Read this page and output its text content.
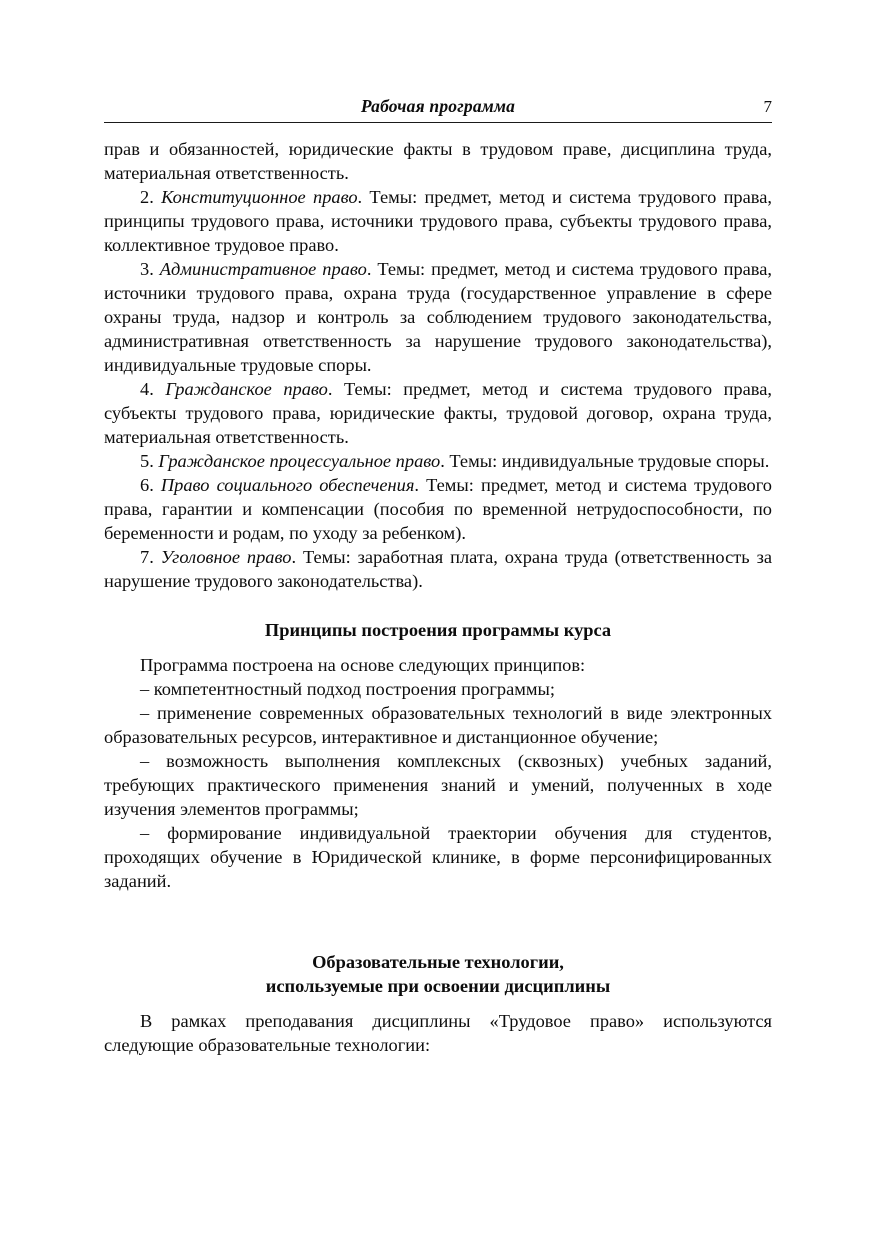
Рабочая программа	7

прав и обязанностей, юридические факты в трудовом праве, дисциплина труда, материальная ответственность.

2. Конституционное право. Темы: предмет, метод и система трудового права, принципы трудового права, источники трудового права, субъекты трудового права, коллективное трудовое право.

3. Административное право. Темы: предмет, метод и система трудового права, источники трудового права, охрана труда (государственное управление в сфере охраны труда, надзор и контроль за соблюдением трудового законодательства, административная ответственность за нарушение трудового законодательства), индивидуальные трудовые споры.

4. Гражданское право. Темы: предмет, метод и система трудового права, субъекты трудового права, юридические факты, трудовой договор, охрана труда, материальная ответственность.

5. Гражданское процессуальное право. Темы: индивидуальные трудовые споры.

6. Право социального обеспечения. Темы: предмет, метод и система трудового права, гарантии и компенсации (пособия по временной нетрудоспособности, по беременности и родам, по уходу за ребенком).

7. Уголовное право. Темы: заработная плата, охрана труда (ответственность за нарушение трудового законодательства).

Принципы построения программы курса

Программа построена на основе следующих принципов:

– компетентностный подход построения программы;

– применение современных образовательных технологий в виде электронных образовательных ресурсов, интерактивное и дистанционное обучение;

– возможность выполнения комплексных (сквозных) учебных заданий, требующих практического применения знаний и умений, полученных в ходе изучения элементов программы;

– формирование индивидуальной траектории обучения для студентов, проходящих обучение в Юридической клинике, в форме персонифицированных заданий.

Образовательные технологии,
используемые при освоении дисциплины

В рамках преподавания дисциплины «Трудовое право» используются следующие образовательные технологии:
